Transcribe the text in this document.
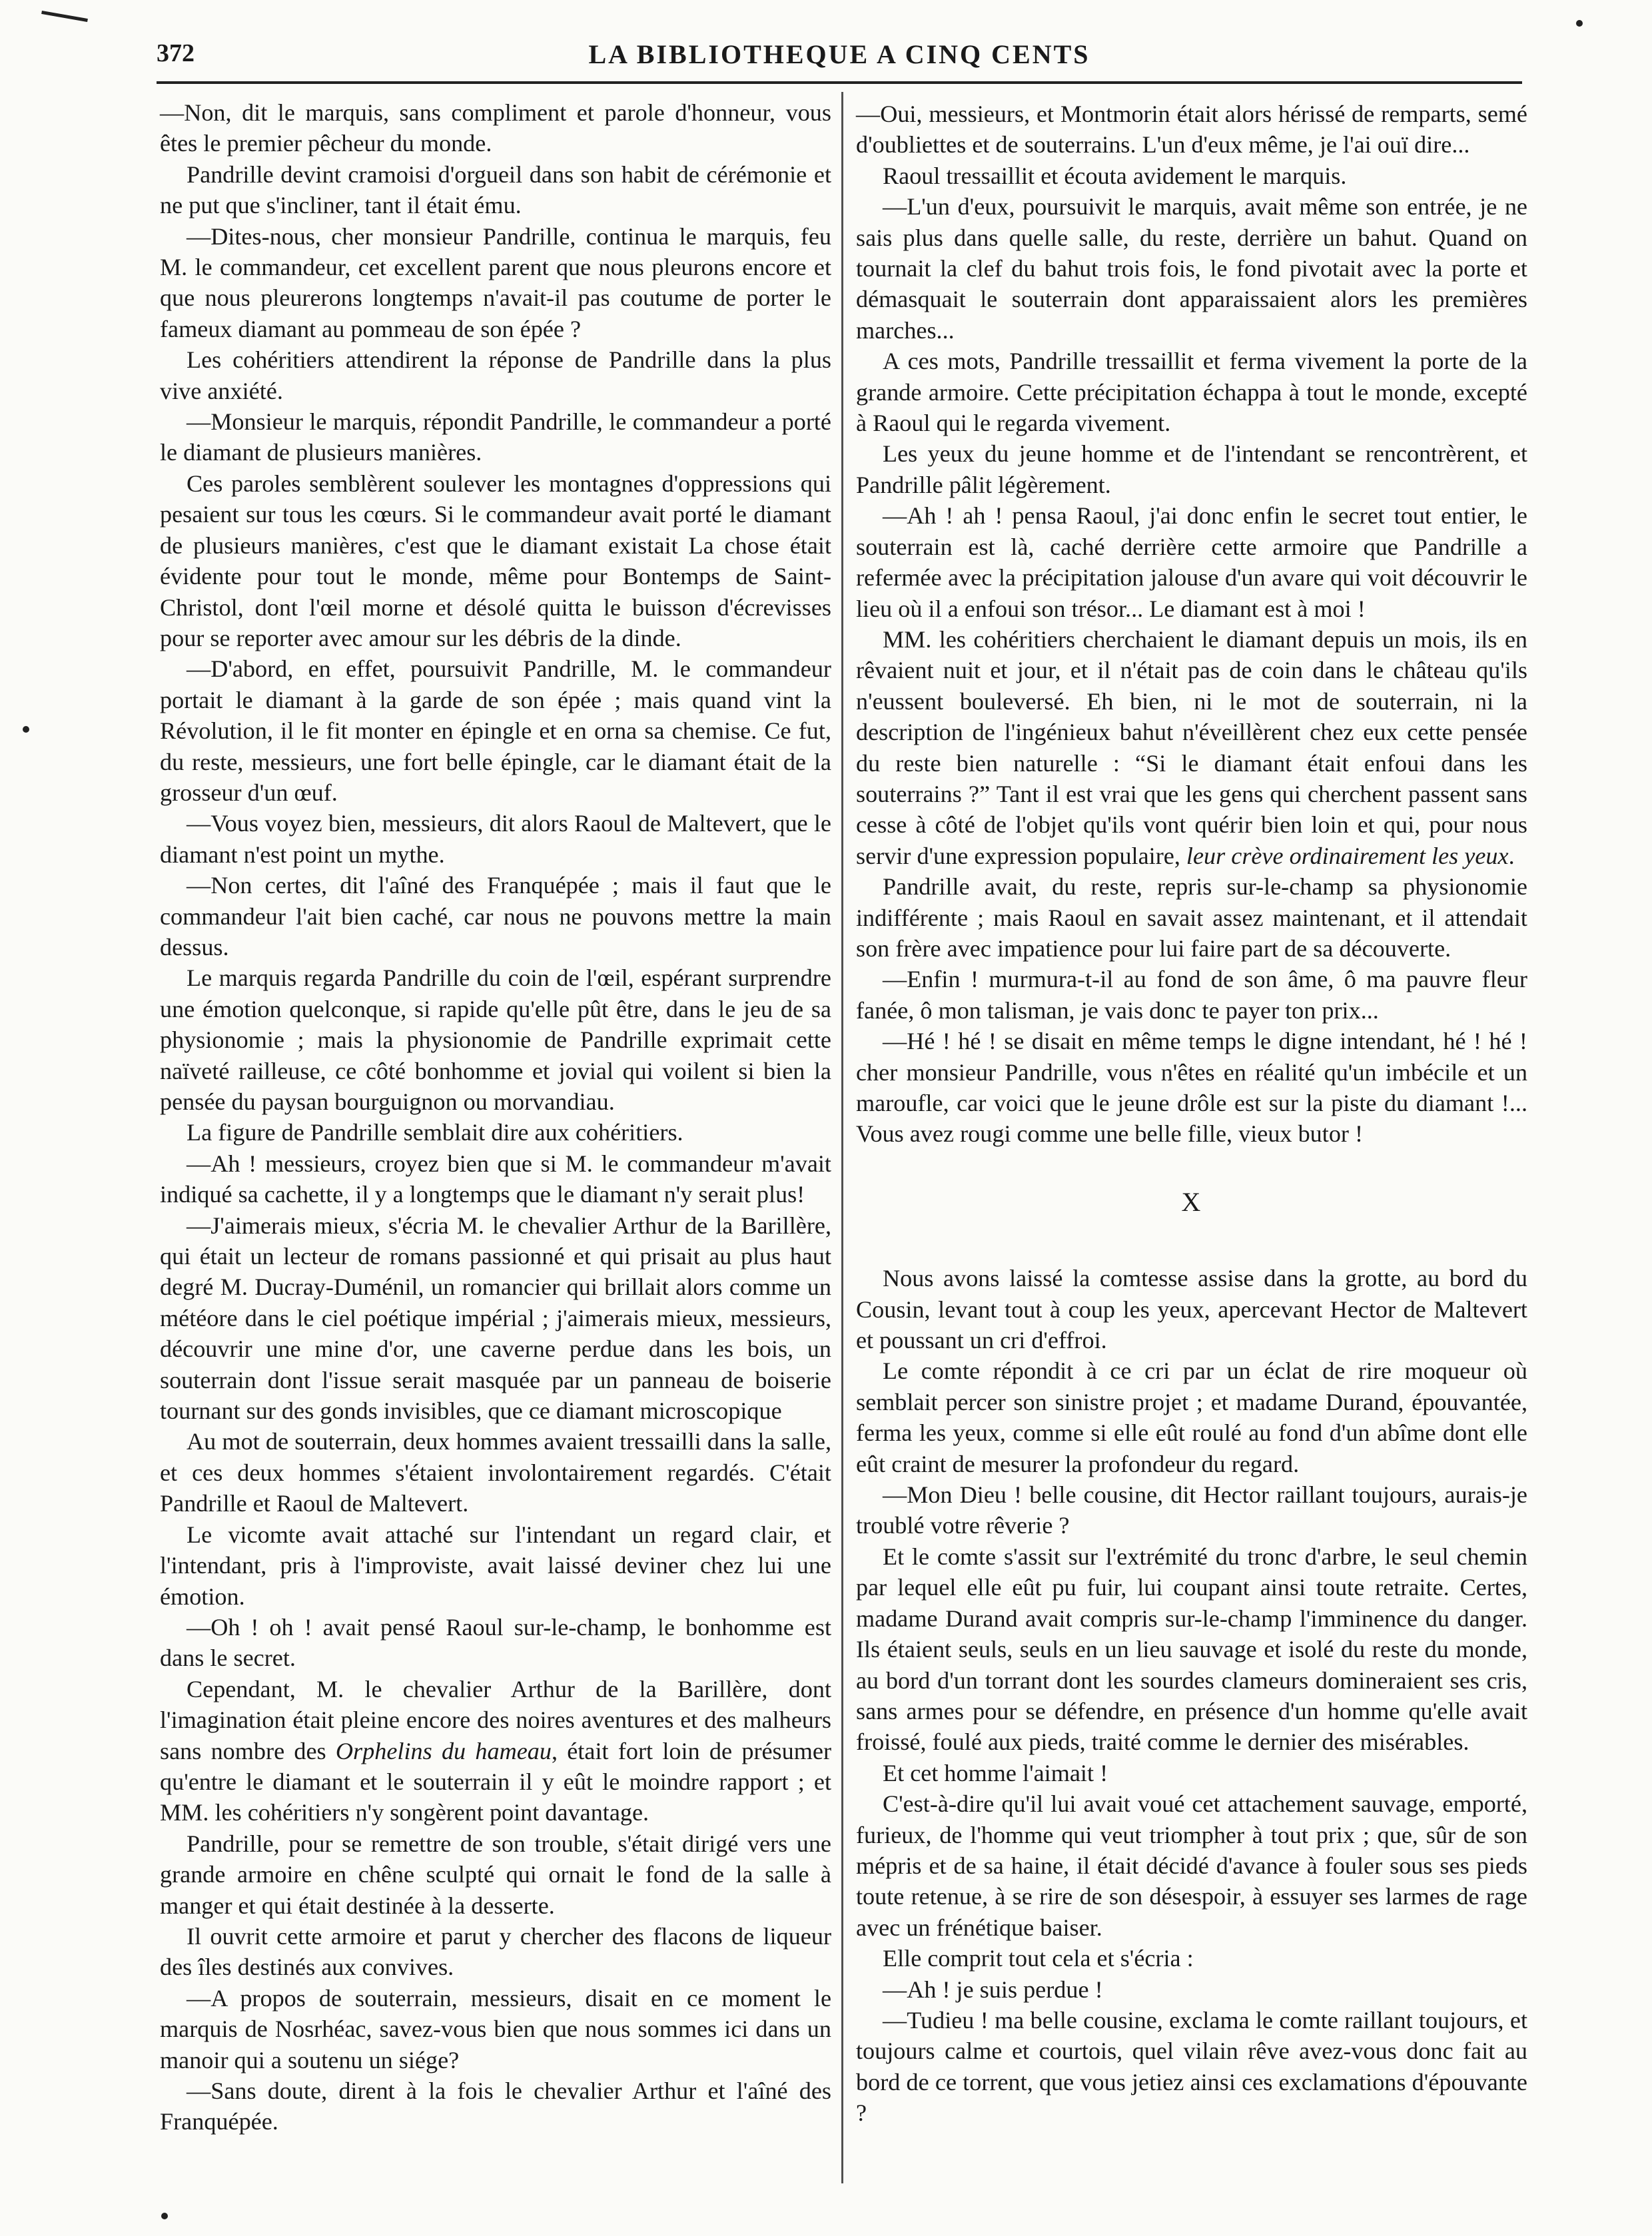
372	LA BIBLIOTHEQUE A CINQ CENTS

—Non, dit le marquis, sans compliment et parole d'honneur, vous êtes le premier pêcheur du monde.

Pandrille devint cramoisi d'orgueil dans son habit de cérémonie et ne put que s'incliner, tant il était ému.

—Dites-nous, cher monsieur Pandrille, continua le marquis, feu M. le commandeur, cet excellent parent que nous pleurons encore et que nous pleurerons longtemps n'avait-il pas coutume de porter le fameux diamant au pommeau de son épée ?

Les cohéritiers attendirent la réponse de Pandrille dans la plus vive anxiété.

—Monsieur le marquis, répondit Pandrille, le commandeur a porté le diamant de plusieurs manières.

Ces paroles semblèrent soulever les montagnes d'oppressions qui pesaient sur tous les cœurs. Si le commandeur avait porté le diamant de plusieurs manières, c'est que le diamant existait La chose était évidente pour tout le monde, même pour Bontemps de Saint-Christol, dont l'œil morne et désolé quitta le buisson d'écrevisses pour se reporter avec amour sur les débris de la dinde.

—D'abord, en effet, poursuivit Pandrille, M. le commandeur portait le diamant à la garde de son épée ; mais quand vint la Révolution, il le fit monter en épingle et en orna sa chemise. Ce fut, du reste, messieurs, une fort belle épingle, car le diamant était de la grosseur d'un œuf.

—Vous voyez bien, messieurs, dit alors Raoul de Maltevert, que le diamant n'est point un mythe.

—Non certes, dit l'aîné des Franquépée ; mais il faut que le commandeur l'ait bien caché, car nous ne pouvons mettre la main dessus.

Le marquis regarda Pandrille du coin de l'œil, espérant surprendre une émotion quelconque, si rapide qu'elle pût être, dans le jeu de sa physionomie ; mais la physionomie de Pandrille exprimait cette naïveté railleuse, ce côté bonhomme et jovial qui voilent si bien la pensée du paysan bourguignon ou morvandiau.

La figure de Pandrille semblait dire aux cohéritiers.

—Ah ! messieurs, croyez bien que si M. le commandeur m'avait indiqué sa cachette, il y a longtemps que le diamant n'y serait plus!

—J'aimerais mieux, s'écria M. le chevalier Arthur de la Barillère, qui était un lecteur de romans passionné et qui prisait au plus haut degré M. Ducray-Duménil, un romancier qui brillait alors comme un météore dans le ciel poétique impérial ; j'aimerais mieux, messieurs, découvrir une mine d'or, une caverne perdue dans les bois, un souterrain dont l'issue serait masquée par un panneau de boiserie tournant sur des gonds invisibles, que ce diamant microscopique

Au mot de souterrain, deux hommes avaient tressailli dans la salle, et ces deux hommes s'étaient involontairement regardés. C'était Pandrille et Raoul de Maltevert.

Le vicomte avait attaché sur l'intendant un regard clair, et l'intendant, pris à l'improviste, avait laissé deviner chez lui une émotion.

—Oh ! oh ! avait pensé Raoul sur-le-champ, le bonhomme est dans le secret.

Cependant, M. le chevalier Arthur de la Barillère, dont l'imagination était pleine encore des noires aventures et des malheurs sans nombre des Orphelins du hameau, était fort loin de présumer qu'entre le diamant et le souterrain il y eût le moindre rapport ; et MM. les cohéritiers n'y songèrent point davantage.

Pandrille, pour se remettre de son trouble, s'était dirigé vers une grande armoire en chêne sculpté qui ornait le fond de la salle à manger et qui était destinée à la desserte.

Il ouvrit cette armoire et parut y chercher des flacons de liqueur des îles destinés aux convives.

—A propos de souterrain, messieurs, disait en ce moment le marquis de Nosrhéac, savez-vous bien que nous sommes ici dans un manoir qui a soutenu un siége?

—Sans doute, dirent à la fois le chevalier Arthur et l'aîné des Franquépée.

—Oui, messieurs, et Montmorin était alors hérissé de remparts, semé d'oubliettes et de souterrains. L'un d'eux même, je l'ai ouï dire...

Raoul tressaillit et écouta avidement le marquis.

—L'un d'eux, poursuivit le marquis, avait même son entrée, je ne sais plus dans quelle salle, du reste, derrière un bahut. Quand on tournait la clef du bahut trois fois, le fond pivotait avec la porte et démasquait le souterrain dont apparaissaient alors les premières marches...

A ces mots, Pandrille tressaillit et ferma vivement la porte de la grande armoire. Cette précipitation échappa à tout le monde, excepté à Raoul qui le regarda vivement.

Les yeux du jeune homme et de l'intendant se rencontrèrent, et Pandrille pâlit légèrement.

—Ah ! ah ! pensa Raoul, j'ai donc enfin le secret tout entier, le souterrain est là, caché derrière cette armoire que Pandrille a refermée avec la précipitation jalouse d'un avare qui voit découvrir le lieu où il a enfoui son trésor... Le diamant est à moi !

MM. les cohéritiers cherchaient le diamant depuis un mois, ils en rêvaient nuit et jour, et il n'était pas de coin dans le château qu'ils n'eussent bouleversé. Eh bien, ni le mot de souterrain, ni la description de l'ingénieux bahut n'éveillèrent chez eux cette pensée du reste bien naturelle : “Si le diamant était enfoui dans les souterrains ?” Tant il est vrai que les gens qui cherchent passent sans cesse à côté de l'objet qu'ils vont quérir bien loin et qui, pour nous servir d'une expression populaire, leur crève ordinairement les yeux.

Pandrille avait, du reste, repris sur-le-champ sa physionomie indifférente ; mais Raoul en savait assez maintenant, et il attendait son frère avec impatience pour lui faire part de sa découverte.

—Enfin ! murmura-t-il au fond de son âme, ô ma pauvre fleur fanée, ô mon talisman, je vais donc te payer ton prix...

—Hé ! hé ! se disait en même temps le digne intendant, hé ! hé ! cher monsieur Pandrille, vous n'êtes en réalité qu'un imbécile et un maroufle, car voici que le jeune drôle est sur la piste du diamant !... Vous avez rougi comme une belle fille, vieux butor !

X

Nous avons laissé la comtesse assise dans la grotte, au bord du Cousin, levant tout à coup les yeux, apercevant Hector de Maltevert et poussant un cri d'effroi.

Le comte répondit à ce cri par un éclat de rire moqueur où semblait percer son sinistre projet ; et madame Durand, épouvantée, ferma les yeux, comme si elle eût roulé au fond d'un abîme dont elle eût craint de mesurer la profondeur du regard.

—Mon Dieu ! belle cousine, dit Hector raillant toujours, aurais-je troublé votre rêverie ?

Et le comte s'assit sur l'extrémité du tronc d'arbre, le seul chemin par lequel elle eût pu fuir, lui coupant ainsi toute retraite. Certes, madame Durand avait compris sur-le-champ l'imminence du danger. Ils étaient seuls, seuls en un lieu sauvage et isolé du reste du monde, au bord d'un torrant dont les sourdes clameurs domineraient ses cris, sans armes pour se défendre, en présence d'un homme qu'elle avait froissé, foulé aux pieds, traité comme le dernier des misérables.

Et cet homme l'aimait !

C'est-à-dire qu'il lui avait voué cet attachement sauvage, emporté, furieux, de l'homme qui veut triompher à tout prix ; que, sûr de son mépris et de sa haine, il était décidé d'avance à fouler sous ses pieds toute retenue, à se rire de son désespoir, à essuyer ses larmes de rage avec un frénétique baiser.

Elle comprit tout cela et s'écria :

—Ah ! je suis perdue !

—Tudieu ! ma belle cousine, exclama le comte raillant toujours, et toujours calme et courtois, quel vilain rêve avez-vous donc fait au bord de ce torrent, que vous jetiez ainsi ces exclamations d'épouvante ?
